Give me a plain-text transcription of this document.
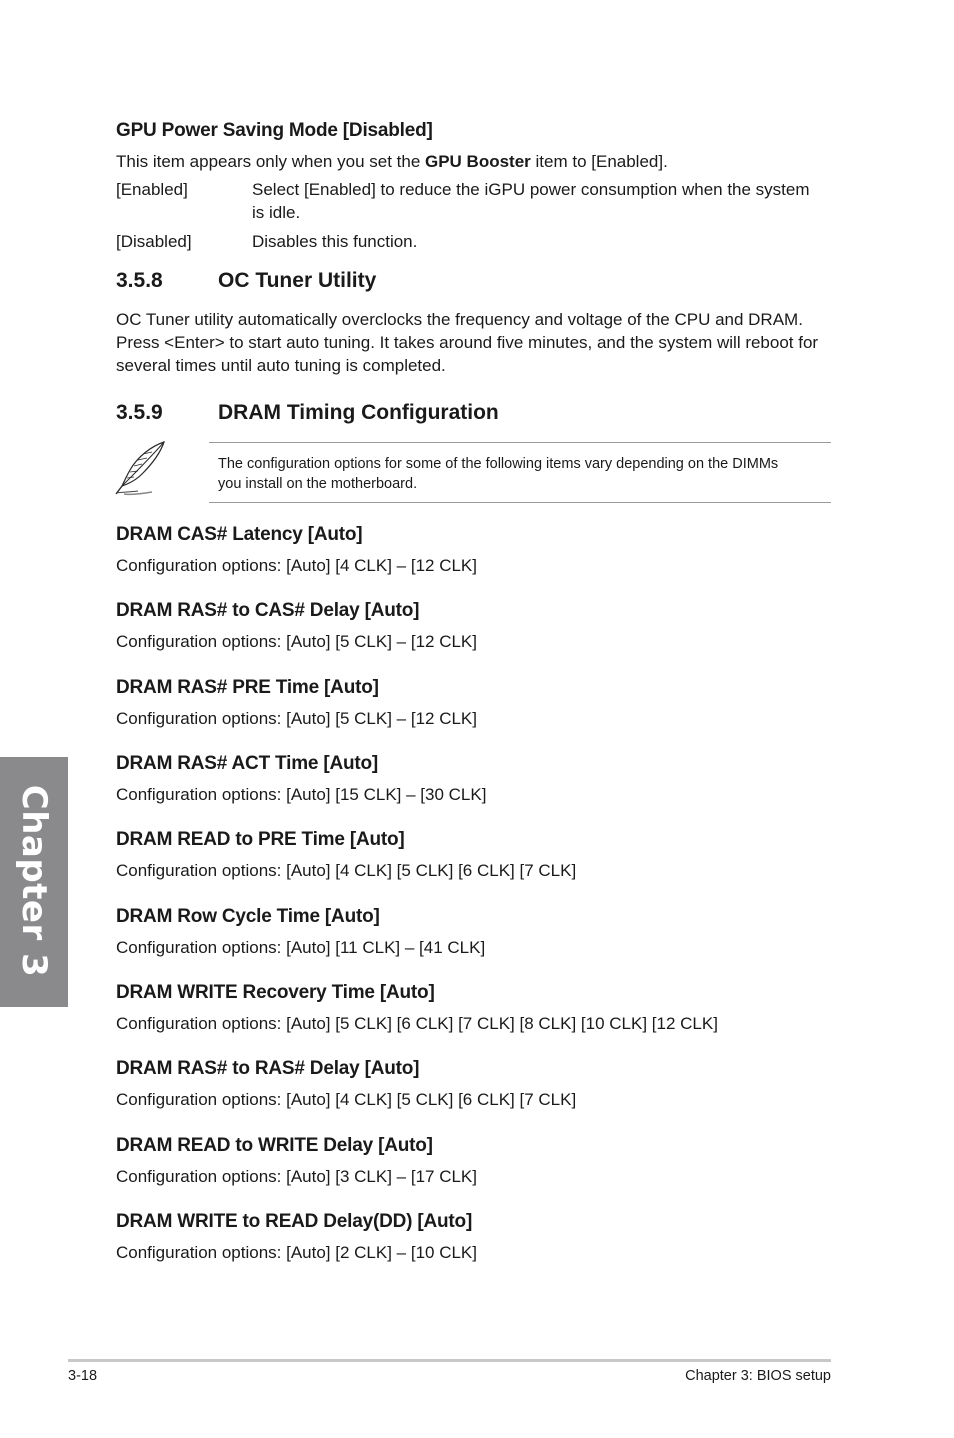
GPU Power Saving Mode [Disabled]
This item appears only when you set the GPU Booster item to [Enabled].
[Enabled]	Select [Enabled] to reduce the iGPU power consumption when the system
is idle.
[Disabled]	Disables this function.
3.5.8	OC Tuner Utility
OC Tuner utility automatically overclocks the frequency and voltage of the CPU and DRAM.
Press <Enter> to start auto tuning. It takes around five minutes, and the system will reboot for
several times until auto tuning is completed.
3.5.9	DRAM Timing Configuration
The configuration options for some of the following items vary depending on the DIMMs
you install on the motherboard.
DRAM CAS# Latency [Auto]
Configuration options: [Auto] [4 CLK] – [12 CLK]
DRAM RAS# to CAS# Delay [Auto]
Configuration options: [Auto] [5 CLK] – [12 CLK]
DRAM RAS# PRE Time [Auto]
Configuration options: [Auto] [5 CLK] – [12 CLK]
DRAM RAS# ACT Time [Auto]
Configuration options: [Auto] [15 CLK] – [30 CLK]
DRAM READ to PRE Time [Auto]
Configuration options: [Auto] [4 CLK] [5 CLK] [6 CLK] [7 CLK]
DRAM Row Cycle Time [Auto]
Configuration options: [Auto] [11 CLK] – [41 CLK]
DRAM WRITE Recovery Time [Auto]
Configuration options: [Auto] [5 CLK] [6 CLK] [7 CLK] [8 CLK] [10 CLK] [12 CLK]
DRAM RAS# to RAS# Delay [Auto]
Configuration options: [Auto] [4 CLK] [5 CLK] [6 CLK] [7 CLK]
DRAM READ to WRITE Delay [Auto]
Configuration options: [Auto] [3 CLK] – [17 CLK]
DRAM WRITE to READ Delay(DD) [Auto]
Configuration options: [Auto] [2 CLK] – [10 CLK]
Chapter 3
3-18	Chapter 3: BIOS setup
